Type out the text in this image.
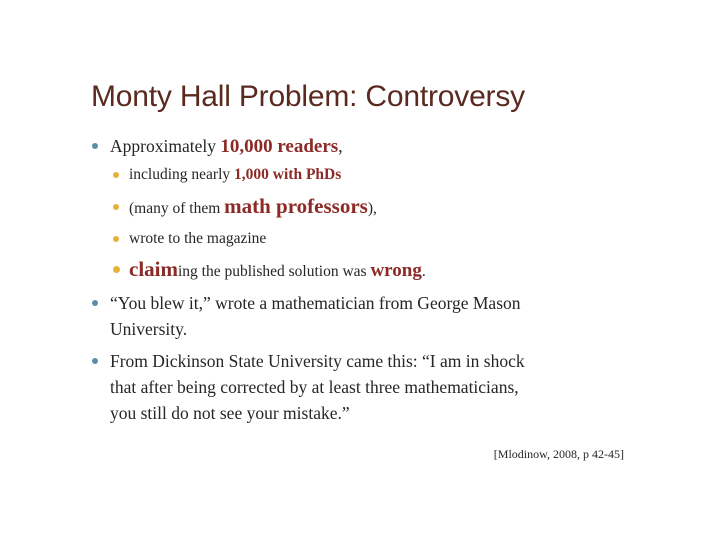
Monty Hall Problem: Controversy
Approximately 10,000 readers,
including nearly 1,000 with PhDs
(many of them math professors),
wrote to the magazine
claiming the published solution was wrong.
“You blew it,” wrote a mathematician from George Mason
University.
From Dickinson State University came this: “I am in shock
that after being corrected by at least three mathematicians,
you still do not see your mistake.”
[Mlodinow, 2008, p 42-45]
